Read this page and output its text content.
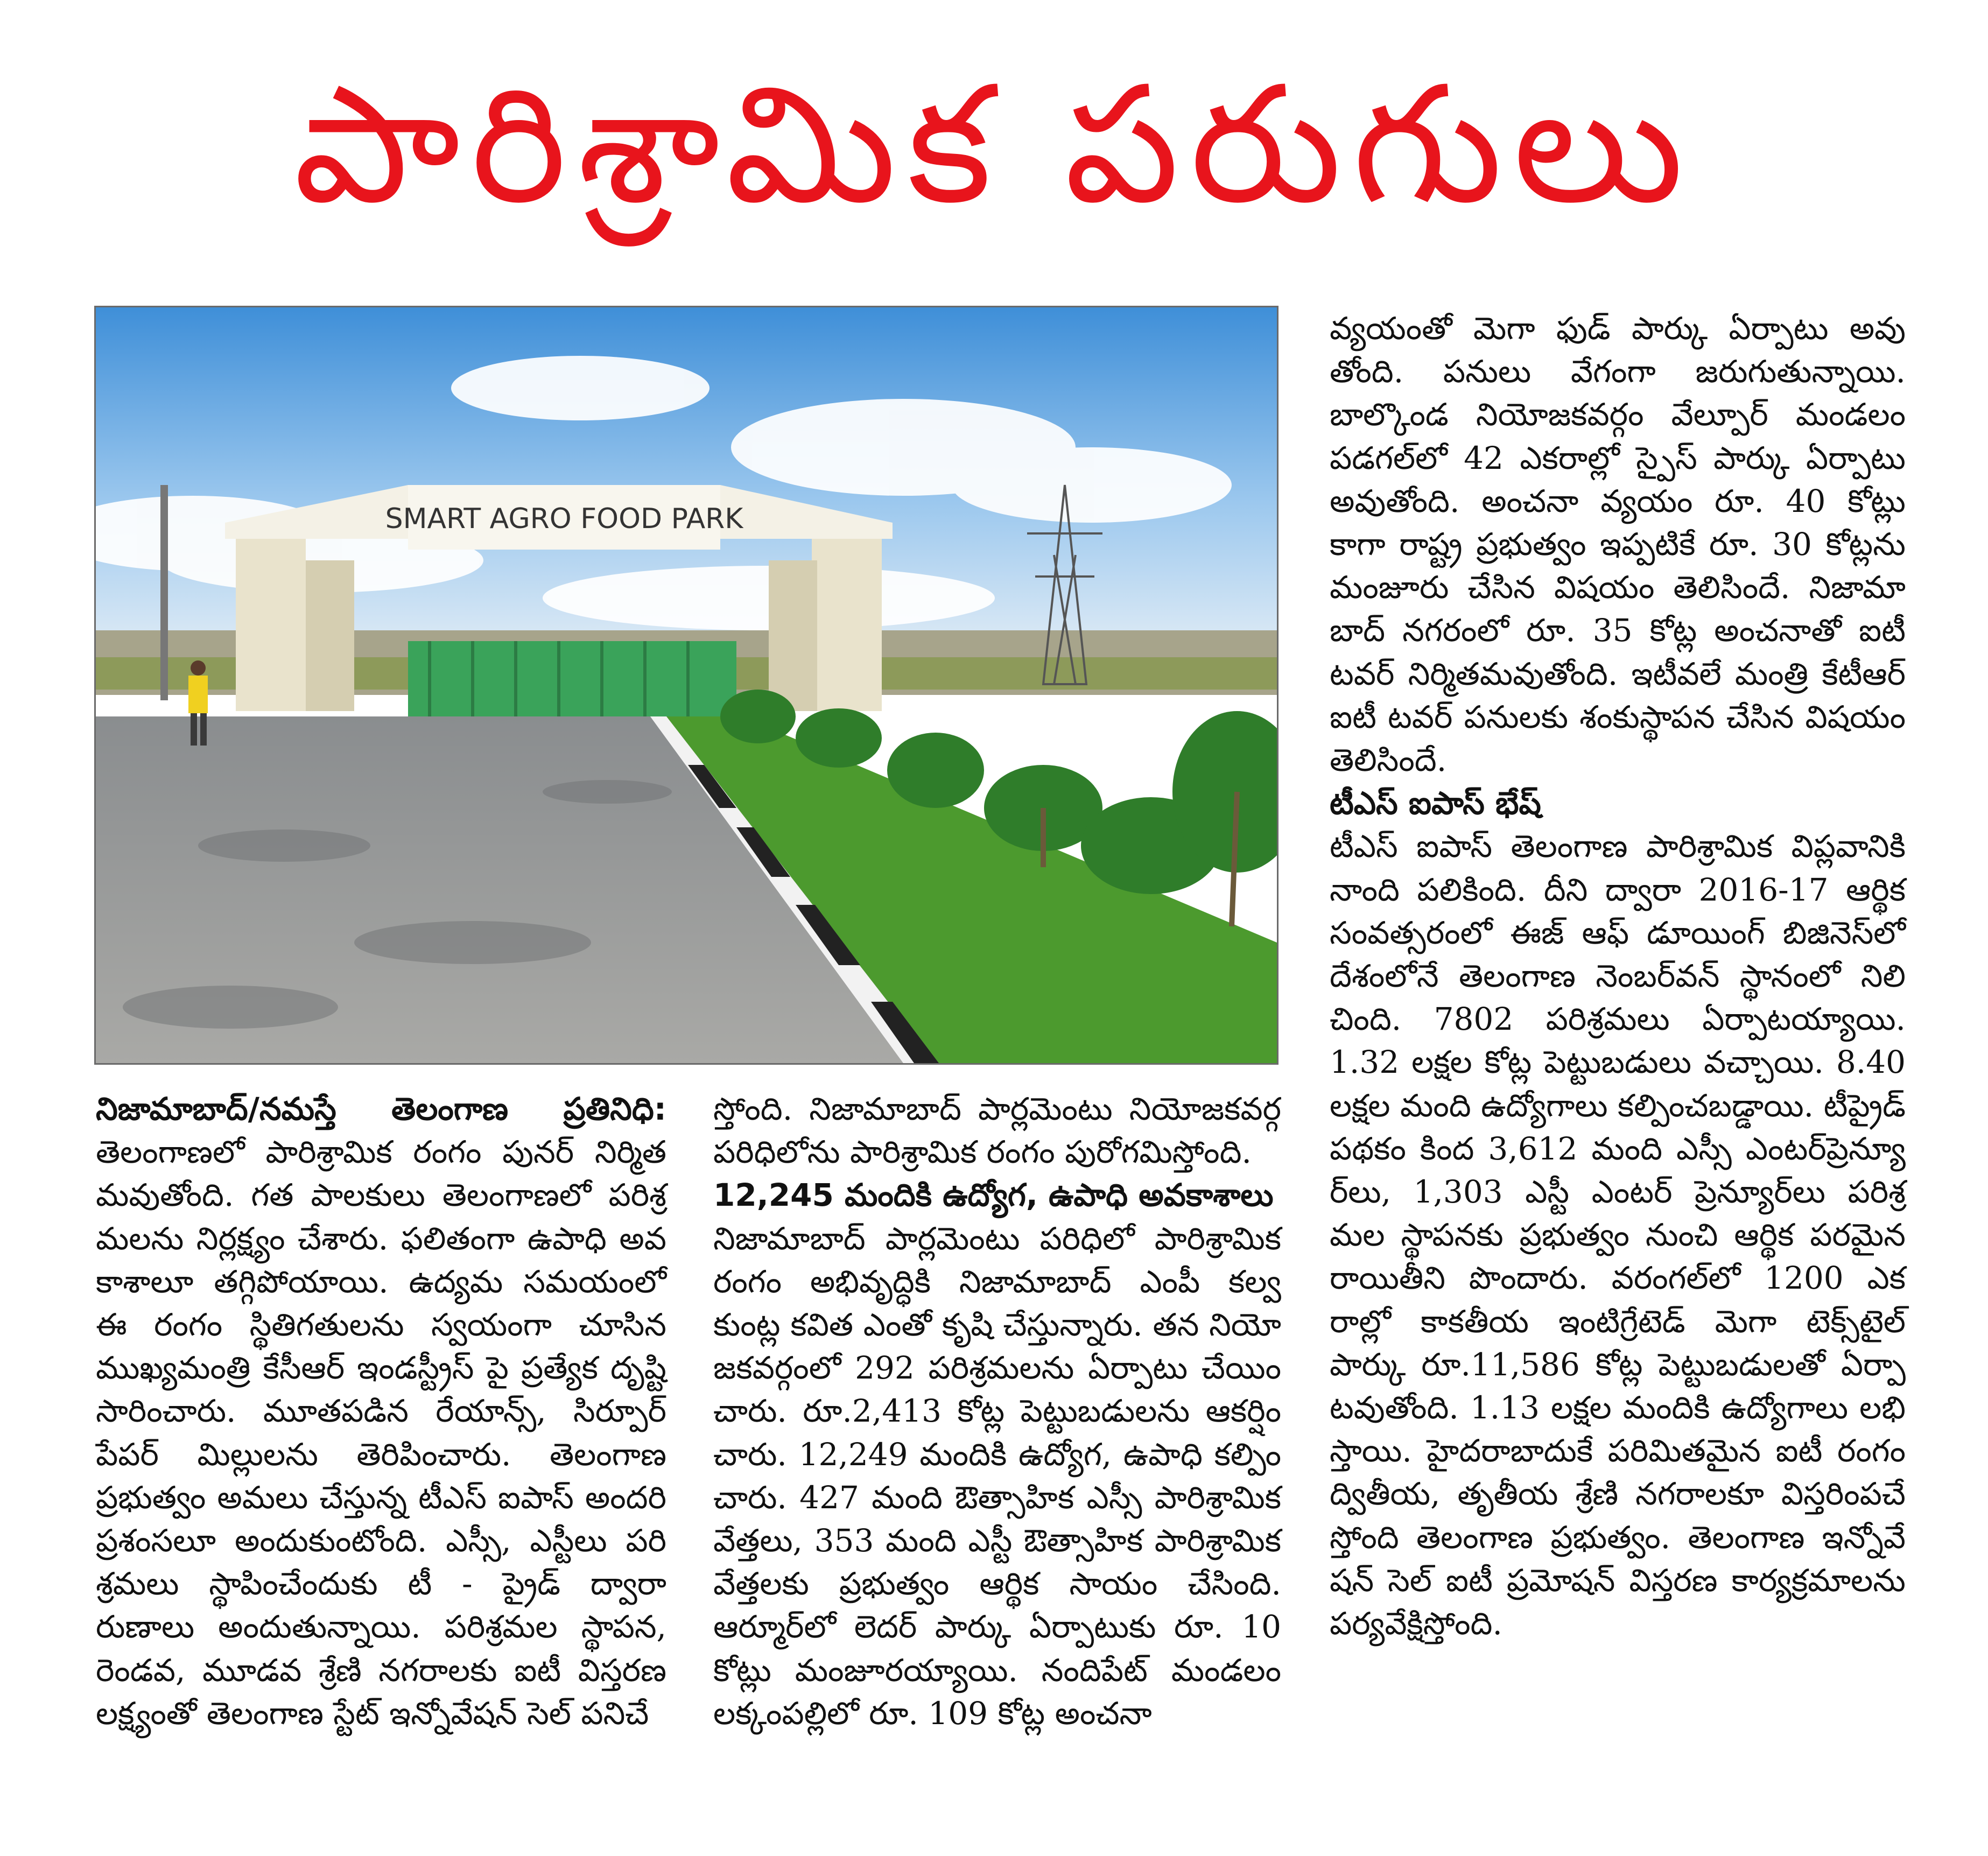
పారిశ్రామిక పరుగులు
SMART AGRO FOOD PARK

నిజామాబాద్/నమస్తే తెలంగాణ ప్రతినిధి: తెలంగాణలో పారిశ్రామిక రంగం పునర్ నిర్మిత మవుతోంది. గత పాలకులు తెలంగాణలో పరిశ్ర మలను నిర్లక్ష్యం చేశారు. ఫలితంగా ఉపాధి అవ కాశాలూ తగ్గిపోయాయి. ఉద్యమ సమయంలో ఈ రంగం స్థితిగతులను స్వయంగా చూసిన ముఖ్యమంత్రి కేసీఆర్ ఇండస్ట్రీస్ పై ప్రత్యేక దృష్టి సారించారు. మూతపడిన రేయాన్స్, సిర్పూర్ పేపర్ మిల్లులను తెరిపించారు. తెలంగాణ ప్రభుత్వం అమలు చేస్తున్న టీఎస్ ఐపాస్ అందరి ప్రశంసలూ అందుకుంటోంది. ఎస్సీ, ఎస్టీలు పరి శ్రమలు స్థాపించేందుకు టీ - ప్రైడ్ ద్వారా రుణాలు అందుతున్నాయి. పరిశ్రమల స్థాపన, రెండవ, మూడవ శ్రేణి నగరాలకు ఐటీ విస్తరణ లక్ష్యంతో తెలంగాణ స్టేట్ ఇన్నోవేషన్ సెల్ పనిచే

స్తోంది. నిజామాబాద్ పార్లమెంటు నియోజకవర్గ పరిధిలోను పారిశ్రామిక రంగం పురోగమిస్తోంది.

12,245 మందికి ఉద్యోగ, ఉపాధి అవకాశాలు

నిజామాబాద్ పార్లమెంటు పరిధిలో పారిశ్రామిక రంగం అభివృద్ధికి నిజామాబాద్ ఎంపీ కల్వ కుంట్ల కవిత ఎంతో కృషి చేస్తున్నారు. తన నియో జకవర్గంలో 292 పరిశ్రమలను ఏర్పాటు చేయిం చారు. రూ.2,413 కోట్ల పెట్టుబడులను ఆకర్షిం చారు. 12,249 మందికి ఉద్యోగ, ఉపాధి కల్పిం చారు. 427 మంది ఔత్సాహిక ఎస్సీ పారిశ్రామిక వేత్తలు, 353 మంది ఎస్టీ ఔత్సాహిక పారిశ్రామిక వేత్తలకు ప్రభుత్వం ఆర్థిక సాయం చేసింది. ఆర్మూర్‌లో లెదర్ పార్కు ఏర్పాటుకు రూ. 10 కోట్లు మంజూరయ్యాయి. నందిపేట్ మండలం లక్కంపల్లిలో రూ. 109 కోట్ల అంచనా

వ్యయంతో మెగా ఫుడ్ పార్కు ఏర్పాటు అవు తోంది. పనులు వేగంగా జరుగుతున్నాయి. బాల్కొండ నియోజకవర్గం వేల్పూర్ మండలం పడగల్‌లో 42 ఎకరాల్లో స్పైస్ పార్కు ఏర్పాటు అవుతోంది. అంచనా వ్యయం రూ. 40 కోట్లు కాగా రాష్ట్ర ప్రభుత్వం ఇప్పటికే రూ. 30 కోట్లను మంజూరు చేసిన విషయం తెలిసిందే. నిజామా బాద్ నగరంలో రూ. 35 కోట్ల అంచనాతో ఐటీ టవర్ నిర్మితమవుతోంది. ఇటీవలే మంత్రి కేటీఆర్ ఐటీ టవర్ పనులకు శంకుస్థాపన చేసిన విషయం తెలిసిందే.

టీఎస్ ఐపాస్ భేష్

టీఎస్ ఐపాస్ తెలంగాణ పారిశ్రామిక విప్లవానికి నాంది పలికింది. దీని ద్వారా 2016-17 ఆర్థిక సంవత్సరంలో ఈజ్ ఆఫ్ డూయింగ్ బిజినెస్‌లో దేశంలోనే తెలంగాణ నెంబర్‌వన్ స్థానంలో నిలి చింది. 7802 పరిశ్రమలు ఏర్పాటయ్యాయి. 1.32 లక్షల కోట్ల పెట్టుబడులు వచ్చాయి. 8.40 లక్షల మంది ఉద్యోగాలు కల్పించబడ్డాయి. టీప్రైడ్ పథకం కింద 3,612 మంది ఎస్సీ ఎంటర్‌ప్రెన్యూ ర్‌లు, 1,303 ఎస్టీ ఎంటర్ ప్రెన్యూర్‌లు పరిశ్ర మల స్థాపనకు ప్రభుత్వం నుంచి ఆర్థిక పరమైన రాయితీని పొందారు. వరంగల్‌లో 1200 ఎక రాల్లో కాకతీయ ఇంటిగ్రేటెడ్ మెగా టెక్స్‌టైల్ పార్కు రూ.11,586 కోట్ల పెట్టుబడులతో ఏర్పా టవుతోంది. 1.13 లక్షల మందికి ఉద్యోగాలు లభి స్తాయి. హైదరాబాదుకే పరిమితమైన ఐటీ రంగం ద్వితీయ, తృతీయ శ్రేణి నగరాలకూ విస్తరింపచే స్తోంది తెలంగాణ ప్రభుత్వం. తెలంగాణ ఇన్నోవే షన్ సెల్ ఐటీ ప్రమోషన్ విస్తరణ కార్యక్రమాలను పర్యవేక్షిస్తోంది.
